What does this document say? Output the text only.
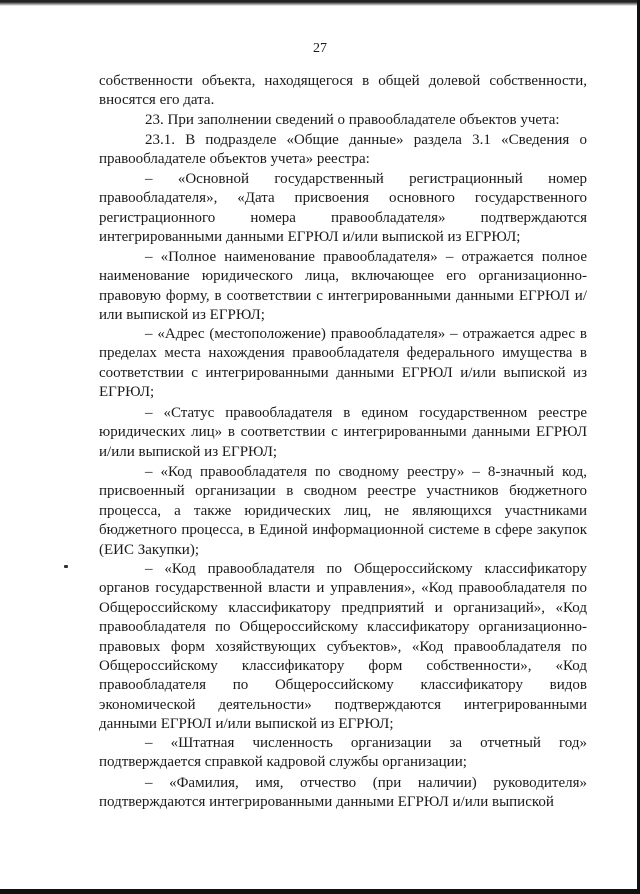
27

собственности объекта, находящегося в общей долевой собственности, вносятся его дата.

23. При заполнении сведений о правообладателе объектов учета:

23.1. В подразделе «Общие данные» раздела 3.1 «Сведения о правообладателе объектов учета» реестра:

– «Основной государственный регистрационный номер правообладателя», «Дата присвоения основного государственного регистрационного номера правообладателя» подтверждаются интегрированными данными ЕГРЮЛ и/или выпиской из ЕГРЮЛ;

– «Полное наименование правообладателя» – отражается полное наименование юридического лица, включающее его организационно-правовую форму, в соответствии с интегрированными данными ЕГРЮЛ и/или выпиской из ЕГРЮЛ;

– «Адрес (местоположение) правообладателя» – отражается адрес в пределах места нахождения правообладателя федерального имущества в соответствии с интегрированными данными ЕГРЮЛ и/или выпиской из ЕГРЮЛ;

– «Статус правообладателя в едином государственном реестре юридических лиц» в соответствии с интегрированными данными ЕГРЮЛ и/или выпиской из ЕГРЮЛ;

– «Код правообладателя по сводному реестру» – 8-значный код, присвоенный организации в сводном реестре участников бюджетного процесса, а также юридических лиц, не являющихся участниками бюджетного процесса, в Единой информационной системе в сфере закупок (ЕИС Закупки);

– «Код правообладателя по Общероссийскому классификатору органов государственной власти и управления», «Код правообладателя по Общероссийскому классификатору предприятий и организаций», «Код правообладателя по Общероссийскому классификатору организационно-правовых форм хозяйствующих субъектов», «Код правообладателя по Общероссийскому классификатору форм собственности», «Код правообладателя по Общероссийскому классификатору видов экономической деятельности» подтверждаются интегрированными данными ЕГРЮЛ и/или выпиской из ЕГРЮЛ;

– «Штатная численность организации за отчетный год» подтверждается справкой кадровой службы организации;

– «Фамилия, имя, отчество (при наличии) руководителя» подтверждаются интегрированными данными ЕГРЮЛ и/или выпиской
